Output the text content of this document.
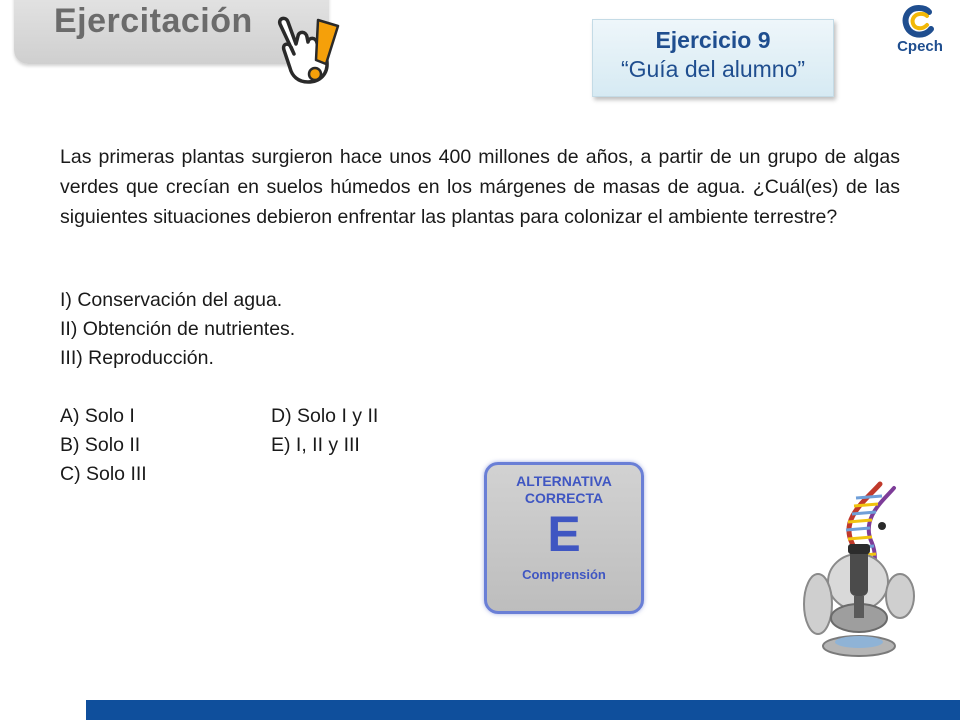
Ejercitación	Ejercicio 9
“Guía del alumno”
Cpech

Las primeras plantas surgieron hace unos 400 millones de años, a partir de un grupo de algas verdes que crecían en suelos húmedos en los márgenes de masas de agua. ¿Cuál(es) de las siguientes situaciones debieron enfrentar las plantas para colonizar el ambiente terrestre?

I) Conservación del agua.
II) Obtención de nutrientes.
III) Reproducción.
A) Solo I
B) Solo II
C) Solo III
D) Solo I y II
E) I, II y III
ALTERNATIVA CORRECTA
E
Comprensión
